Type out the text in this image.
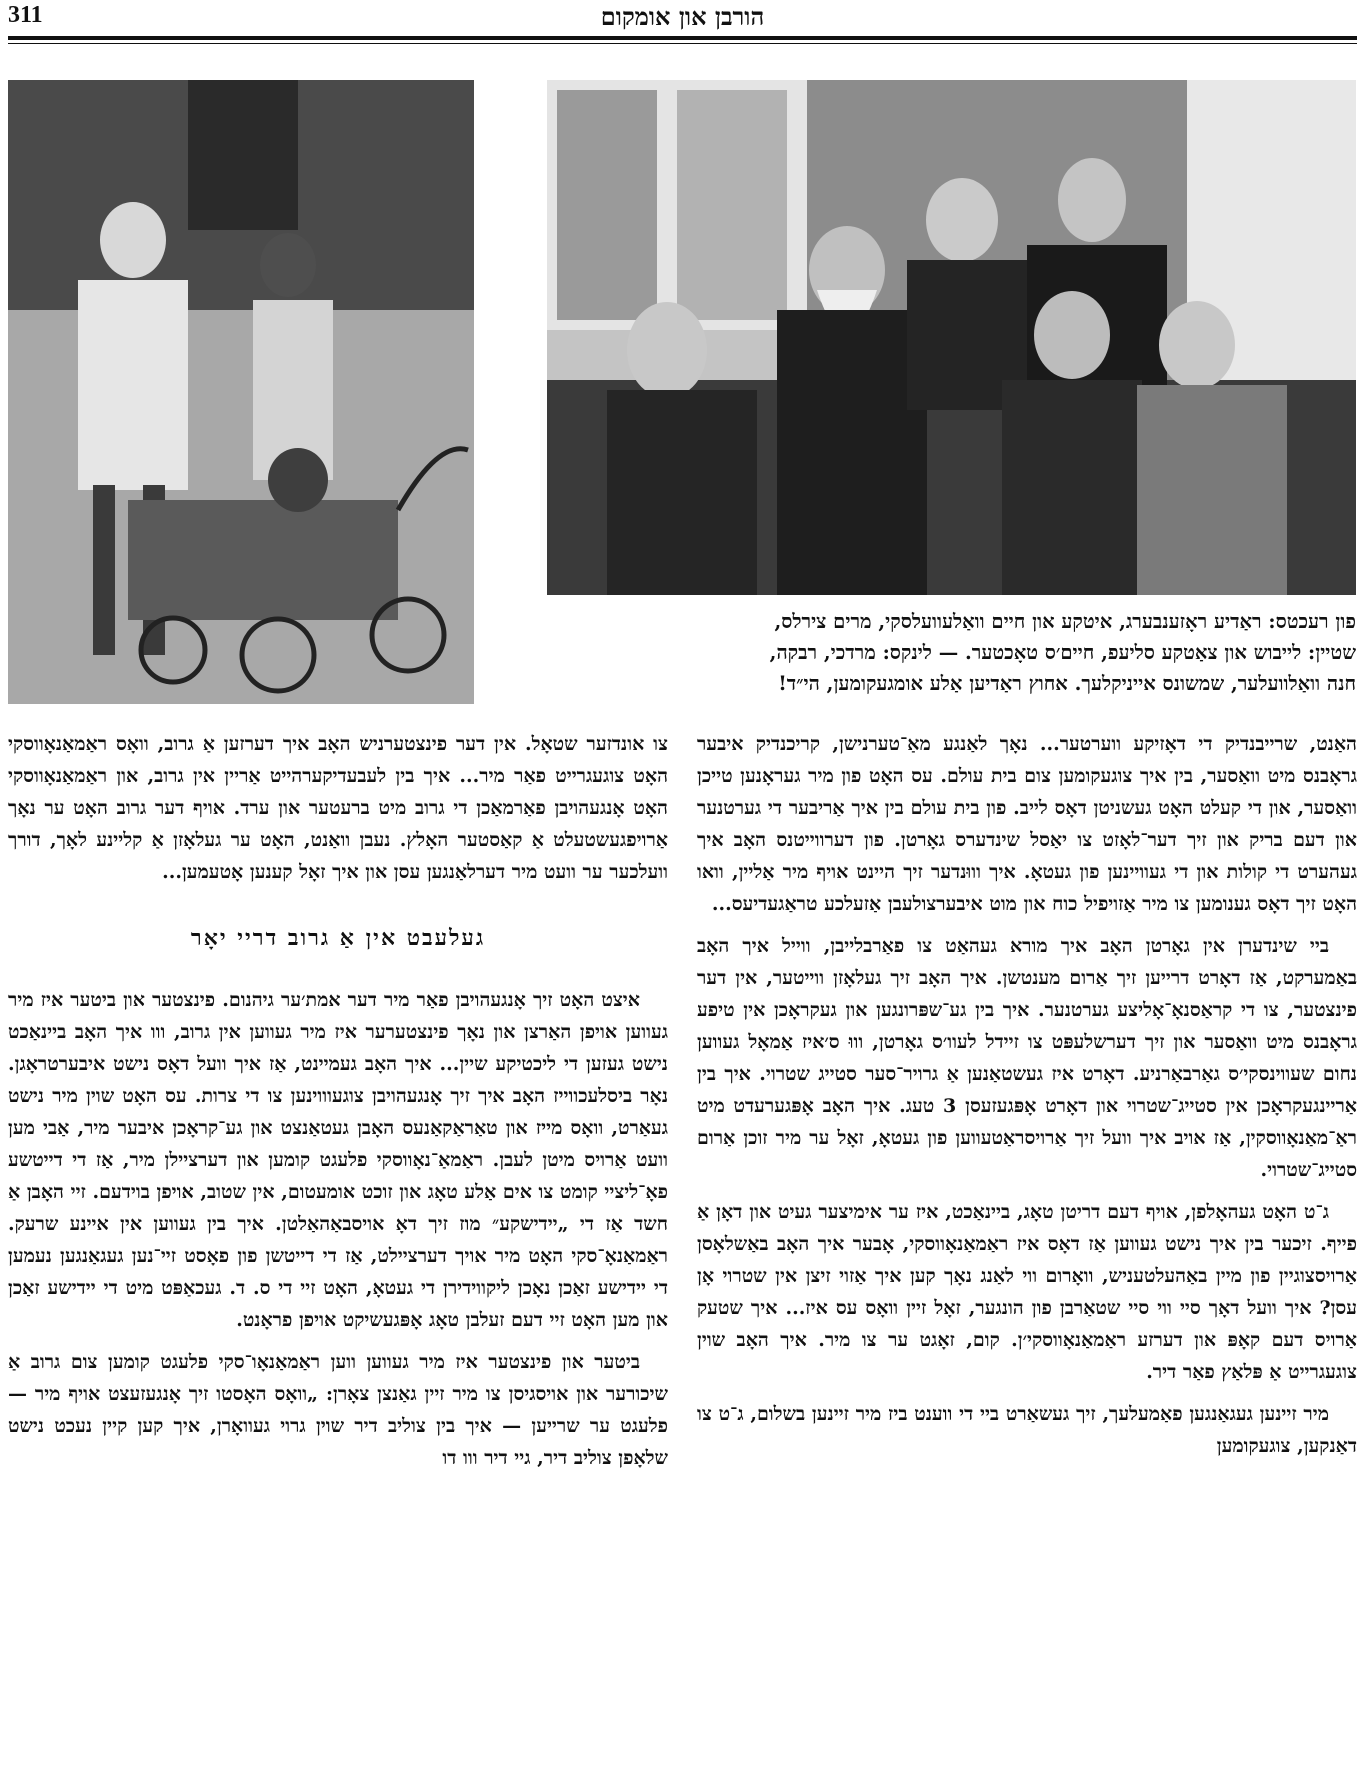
311	הורבן און אומקום
פון רעכטס: ראַדיע ראָזענבערג, איטקע און חיים וואַלעוועלסקי, מרים צירלס,
שטיין: לייבוש און צאַטקע סליעפ, חיים׳ס טאָכטער. — לינקס: מרדכי, רבקה,
חנה וואַלוועלער, שמשונס אייניקלעך. אחוץ ראַדיען אַלע אומגעקומען, הי״ד!

האַנט, שרייבנדיק די דאָזיקע ווערטער... נאָך לאַנגע מאַ־טערנישן, קריכנדיק איבער גראָבנס מיט וואַסער, בין איך צוגעקומען צום בית עולם. עס האָט פון מיר געראָנען טייכן וואַסער, און די קעלט האָט געשניטן דאָס לייב. פון בית עולם בין איך אַריבער די גערטנער און דעם בריק און זיך דער־לאָזט צו יאַסל שינדערס גאָרטן. פון דערווייטנס האָב איך געהערט די קולות און די געוויינען פון געטאָ. איך וווּנדער זיך היינט אויף מיר אַליין, וואו האָט זיך דאָס גענומען צו מיר אַזויפיל כוח און מוט איבערצולעבן אַזעלכע טראַגעדיעס...

ביי שינדערן אין גאָרטן האָב איך מורא געהאַט צו פאַרבלייבן, ווייל איך האָב באַמערקט, אַז דאָרט דרייען זיך אַרום מענטשן. איך האָב זיך געלאָזן ווייטער, אין דער פינצטער, צו די קראַסנאָ־אָליצע גערטנער. איך בין גע־שפּרונגען און געקראָכן אין טיפע גראָבנס מיט וואַסער און זיך דערשלעפּט צו זיידל לעוו׳ס גאָרטן, וווּ ס׳איז אַמאָל געווען נחום שעווינסקי׳ס גאַרבאַרניע. דאָרט איז געשטאַנען אַ גרויר־סער סטייג שטרוי. איך בין אַריינגעקראָכן אין סטייג־שטרוי און דאָרט אָפּגעזעסן 3 טעג. איך האָב אָפּגערעדט מיט ראַ־מאַנאָווסקין, אַז אויב איך וועל זיך אַרויסראַטעווען פון געטאָ, זאָל ער מיר זוכן אַרום סטייג־שטרוי.

ג־ט האָט געהאָלפן, אויף דעם דריטן טאָג, ביינאַכט, איז ער אימיצער געיט און דאָן אַ פייף. זיכער בין איך נישט געווען אַז דאָס איז ראַמאַנאָווסקי, אָבער איך האָב באַשלאָסן אַרויסצוגיין פון מיין באַהעלטעניש, וואָרום ווי לאַנג נאָך קען איך אַזוי זיצן אין שטרוי אָן עסן? איך וועל דאָך סיי ווי סיי שטאַרבן פון הונגער, זאָל זיין וואָס עס איז... איך שטעק אַרויס דעם קאָפּ און דערזע ראַמאַנאָווסקי׳ן. קום, זאָגט ער צו מיר. איך האָב שוין צוגעגרייט אַ פּלאַץ פאַר דיר.

מיר זיינען געגאַנגען פאַמעלעך, זיך געשאַרט ביי די ווענט ביז מיר זיינען בשלום, ג־ט צו דאַנקען, צוגעקומען

צו אונדזער שטאָל. אין דער פינצטערניש האָב איך דערזען אַ גרוב, וואָס ראַמאַנאָווסקי האָט צוגעגרייט פאַר מיר... איך בין לעבעדיקערהייט אַריין אין גרוב, און ראַמאַנאָווסקי האָט אָנגעהויבן פאַרמאַכן די גרוב מיט ברעטער און ערד. אויף דער גרוב האָט ער נאָך אַרויפגעשטעלט אַ קאַסטער האָלץ. נעבן וואַנט, האָט ער געלאָזן אַ קליינע לאָך, דורך וועלכער ער וועט מיר דערלאַנגען עסן און איך זאָל קענען אָטעמען...

געלעבט אין אַ גרוב דריי יאָר

איצט האָט זיך אָנגעהויבן פאַר מיר דער אמת׳ער גיהנום. פינצטער און ביטער איז מיר געווען אויפן האַרצן און נאָך פינצטערער איז מיר געווען אין גרוב, ווו איך האָב ביינאַכט נישט געזען די ליכטיקע שיין... איך האָב געמיינט, אַז איך וועל דאָס נישט איבערטראָגן. נאָר ביסלעכווייז האָב איך זיך אָנגעהויבן צוגעוווינען צו די צרות. עס האָט שוין מיר נישט געאַרט, וואָס מייז און טאַראַקאַנעס האָבן געטאַנצט און גע־קראָכן איבער מיר, אַבי מען וועט אַרויס מיטן לעבן. ראַמאַ־נאָווסקי פלעגט קומען און דערציילן מיר, אַז די דייטשע פאָ־ליציי קומט צו אים אַלע טאָג און זוכט אומעטום, אין שטוב, אויפן בוידעם. זיי האָבן אַ חשד אַז די „יידישקע״ מוז זיך דאָ אויסבאַהאַלטן. איך בין געווען אין איינע שרעק. ראַמאַנאָ־סקי האָט מיר אויך דערציילט, אַז די דייטשן פון פאָסט זיי־נען געגאַנגען נעמען די יידישע זאַכן נאָכן ליקווידירן די געטאָ, האָט זיי די ס. ד. געכאַפּט מיט די יידישע זאַכן און מען האָט זיי דעם זעלבן טאָג אָפּגעשיקט אויפן פראָנט.

ביטער און פינצטער איז מיר געווען ווען ראַמאַנאָו־סקי פלעגט קומען צום גרוב אַ שיכורער און אויסגיסן צו מיר זיין גאַנצן צאָרן: „וואָס האָסטו זיך אָנגעזעצט אויף מיר — פלעגט ער שרייען — איך בין צוליב דיר שוין גרוי געוואָרן, איך קען קיין נעכט נישט שלאָפן צוליב דיר, גיי דיר ווו דו
